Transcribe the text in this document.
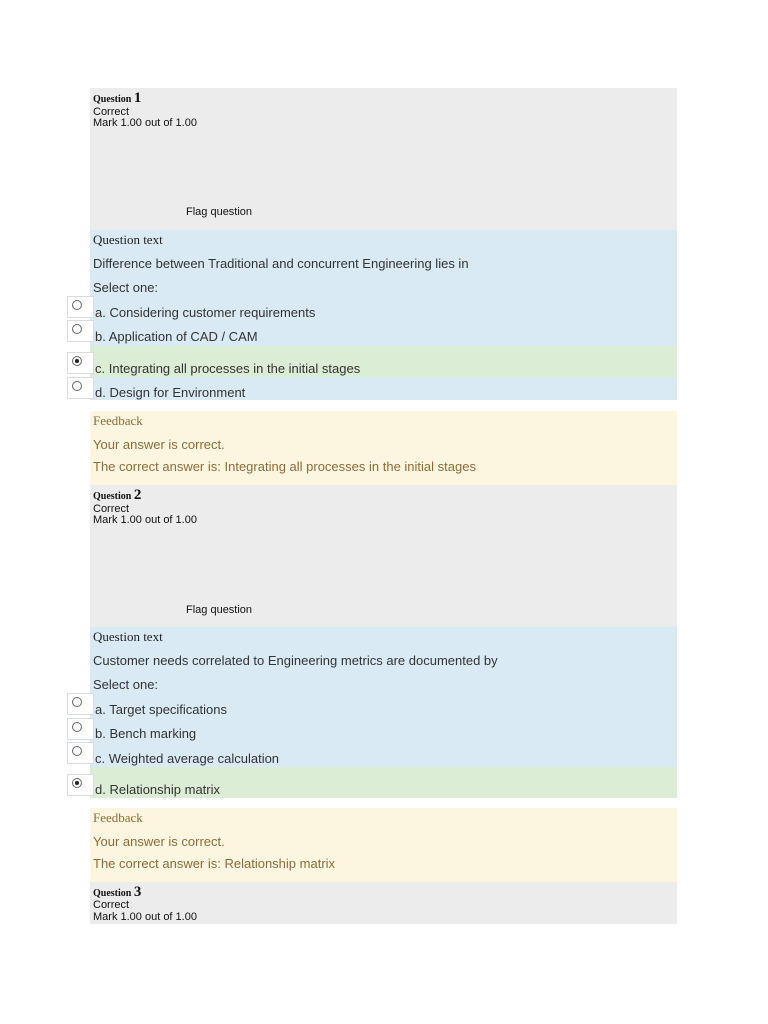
Question 1
Correct
Mark 1.00 out of 1.00
Flag question
Question text
Difference between Traditional and concurrent Engineering lies in
Select one:
a. Considering customer requirements
b. Application of CAD / CAM
c. Integrating all processes in the initial stages
d. Design for Environment
Feedback
Your answer is correct.
The correct answer is: Integrating all processes in the initial stages
Question 2
Correct
Mark 1.00 out of 1.00
Flag question
Question text
Customer needs correlated to Engineering metrics are documented by
Select one:
a. Target specifications
b. Bench marking
c. Weighted average calculation
d. Relationship matrix
Feedback
Your answer is correct.
The correct answer is: Relationship matrix
Question 3
Correct
Mark 1.00 out of 1.00
